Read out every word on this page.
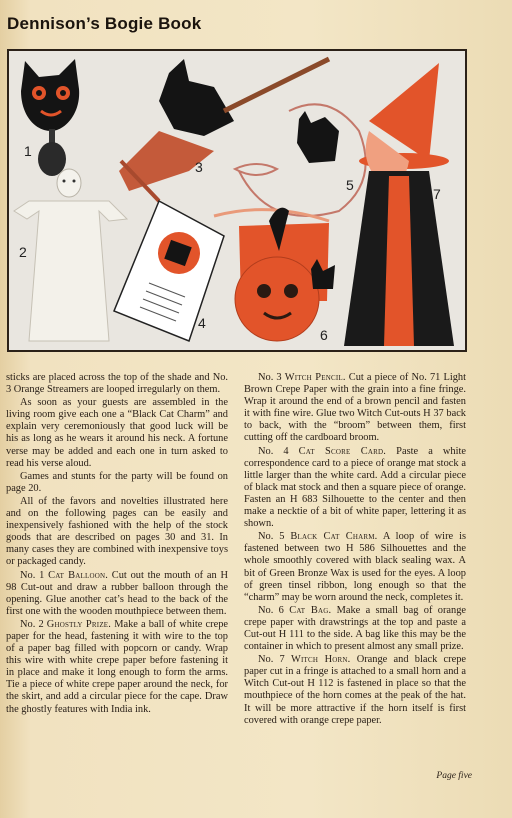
Dennison’s Bogie Book
1
2
3
4
5
6
7

sticks are placed across the top of the shade and No. 3 Orange Streamers are looped irregularly on them.

As soon as your guests are assembled in the living room give each one a “Black Cat Charm” and explain very ceremoniously that good luck will be his as long as he wears it around his neck. A fortune verse may be added and each one in turn asked to read his verse aloud.

Games and stunts for the party will be found on page 20.

All of the favors and novelties illustrated here and on the following pages can be easily and inexpensively fashioned with the help of the stock goods that are described on pages 30 and 31. In many cases they are combined with inexpensive toys or packaged candy.

No. 1 Cat Balloon. Cut out the mouth of an H 98 Cut-out and draw a rubber balloon through the opening. Glue another cat’s head to the back of the first one with the wooden mouthpiece between them.

No. 2 Ghostly Prize. Make a ball of white crepe paper for the head, fastening it with wire to the top of a paper bag filled with popcorn or candy. Wrap this wire with white crepe paper before fastening it in place and make it long enough to form the arms. Tie a piece of white crepe paper around the neck, for the skirt, and add a circular piece for the cape. Draw the ghostly features with India ink.

No. 3 Witch Pencil. Cut a piece of No. 71 Light Brown Crepe Paper with the grain into a fine fringe. Wrap it around the end of a brown pencil and fasten it with fine wire. Glue two Witch Cut-outs H 37 back to back, with the “broom” between them, first cutting off the cardboard broom.

No. 4 Cat Score Card. Paste a white correspondence card to a piece of orange mat stock a little larger than the white card. Add a circular piece of black mat stock and then a square piece of orange. Fasten an H 683 Silhouette to the center and then make a necktie of a bit of white paper, lettering it as shown.

No. 5 Black Cat Charm. A loop of wire is fastened between two H 586 Silhouettes and the whole smoothly covered with black sealing wax. A bit of Green Bronze Wax is used for the eyes. A loop of green tinsel ribbon, long enough so that the “charm” may be worn around the neck, completes it.

No. 6 Cat Bag. Make a small bag of orange crepe paper with drawstrings at the top and paste a Cut-out H 111 to the side. A bag like this may be the container in which to present almost any small prize.

No. 7 Witch Horn. Orange and black crepe paper cut in a fringe is attached to a small horn and a Witch Cut-out H 112 is fastened in place so that the mouthpiece of the horn comes at the peak of the hat. It will be more attractive if the horn itself is first covered with orange crepe paper.

Page five
